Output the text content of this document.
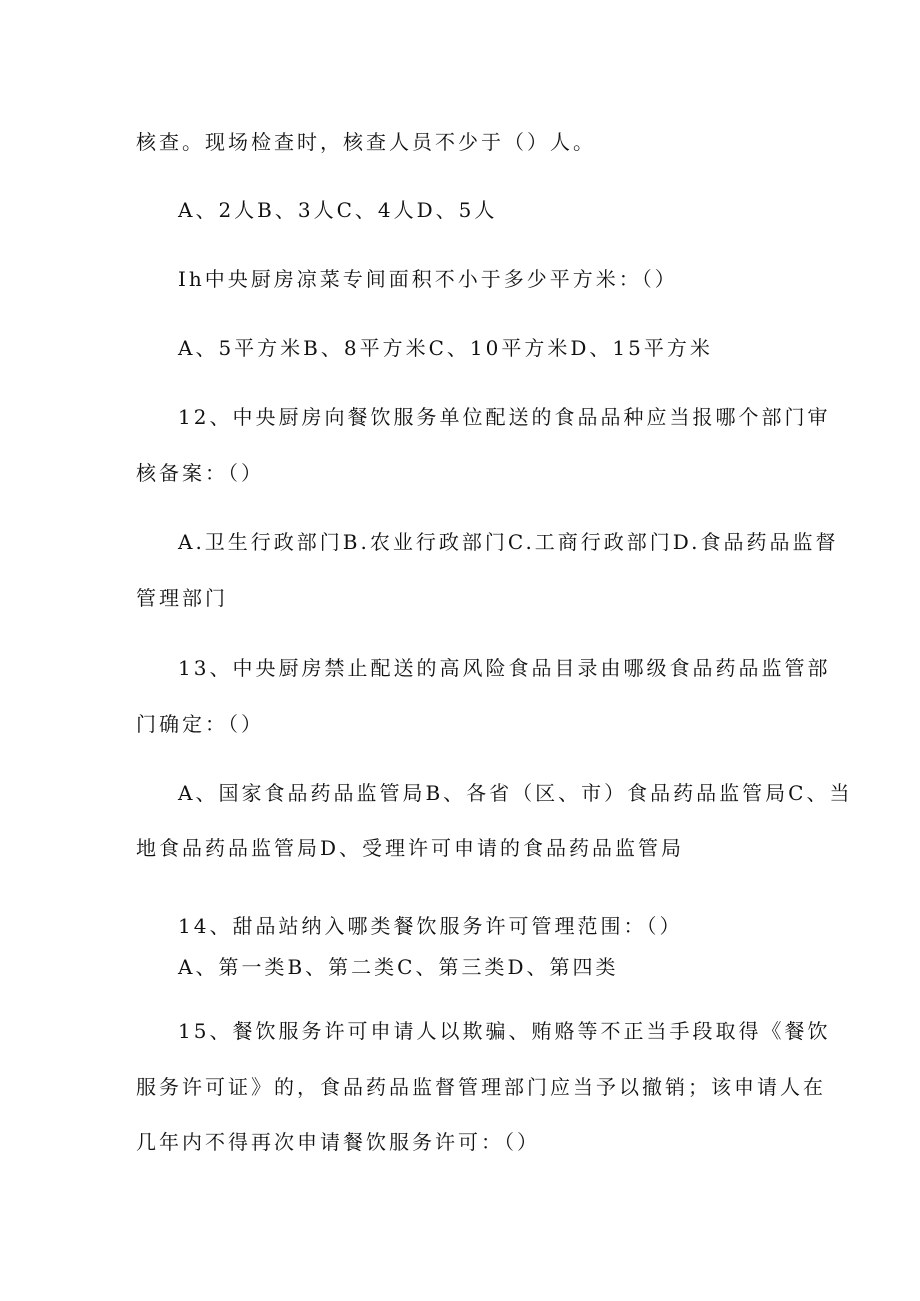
核查。现场检查时，核查人员不少于（）人。
A、2人B、3人C、4人D、5人
Ih中央厨房凉菜专间面积不小于多少平方米：（）
A、5平方米B、8平方米C、10平方米D、15平方米
12、中央厨房向餐饮服务单位配送的食品品种应当报哪个部门审
核备案：（）
A.卫生行政部门B.农业行政部门C.工商行政部门D.食品药品监督
管理部门
13、中央厨房禁止配送的高风险食品目录由哪级食品药品监管部
门确定：（）
A、国家食品药品监管局B、各省（区、市）食品药品监管局C、当
地食品药品监管局D、受理许可申请的食品药品监管局
14、甜品站纳入哪类餐饮服务许可管理范围：（）
A、第一类B、第二类C、第三类D、第四类
15、餐饮服务许可申请人以欺骗、贿赂等不正当手段取得《餐饮
服务许可证》的，食品药品监督管理部门应当予以撤销；该申请人在
几年内不得再次申请餐饮服务许可：（）
